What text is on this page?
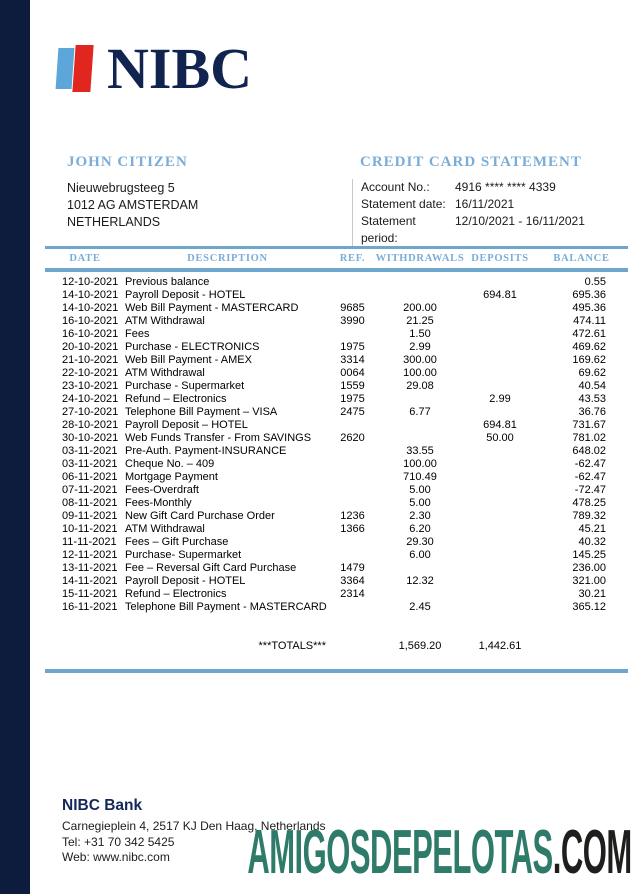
NIBC
JOHN CITIZEN
Nieuwebrugsteeg 5
1012 AG AMSTERDAM
NETHERLANDS
CREDIT CARD STATEMENT
Account No.:	4916 **** **** 4339
Statement date: 16/11/2021
Statement period:
12/10/2021 - 16/11/2021
DATE	DESCRIPTION	REF.	WITHDRAWALS	DEPOSITS	BALANCE
12-10-2021	Previous balance				0.55
14-10-2021	Payroll Deposit - HOTEL			694.81	695.36
14-10-2021	Web Bill Payment - MASTERCARD	9685	200.00		495.36
16-10-2021	ATM Withdrawal	3990	21.25		474.11
16-10-2021	Fees		1.50		472.61
20-10-2021	Purchase - ELECTRONICS	1975	2.99		469.62
21-10-2021	Web Bill Payment - AMEX	3314	300.00		169.62
22-10-2021	ATM Withdrawal	0064	100.00		69.62
23-10-2021	Purchase - Supermarket	1559	29.08		40.54
24-10-2021	Refund – Electronics	1975		2.99	43.53
27-10-2021	Telephone Bill Payment – VISA	2475	6.77		36.76
28-10-2021	Payroll Deposit – HOTEL			694.81	731.67
30-10-2021	Web Funds Transfer - From SAVINGS	2620		50.00	781.02
03-11-2021	Pre-Auth. Payment-INSURANCE		33.55		648.02
03-11-2021	Cheque No. – 409		100.00		-62.47
06-11-2021	Mortgage Payment		710.49		-62.47
07-11-2021	Fees-Overdraft		5.00		-72.47
08-11-2021	Fees-Monthly		5.00		478.25
09-11-2021	New Gift Card Purchase Order	1236	2.30		789.32
10-11-2021	ATM Withdrawal	1366	6.20		45.21
11-11-2021	Fees – Gift Purchase		29.30		40.32
12-11-2021	Purchase- Supermarket		6.00		145.25
13-11-2021	Fee – Reversal Gift Card Purchase	1479			236.00
14-11-2021	Payroll Deposit - HOTEL	3364	12.32		321.00
15-11-2021	Refund – Electronics	2314			30.21
16-11-2021	Telephone Bill Payment - MASTERCARD		2.45		365.12

	***TOTALS***		1,569.20	1,442.61	
NIBC Bank
Carnegieplein 4, 2517 KJ Den Haag, Netherlands
Tel: +31 70 342 5425
Web: www.nibc.com	AMIGOSDEPELOTAS.COM
